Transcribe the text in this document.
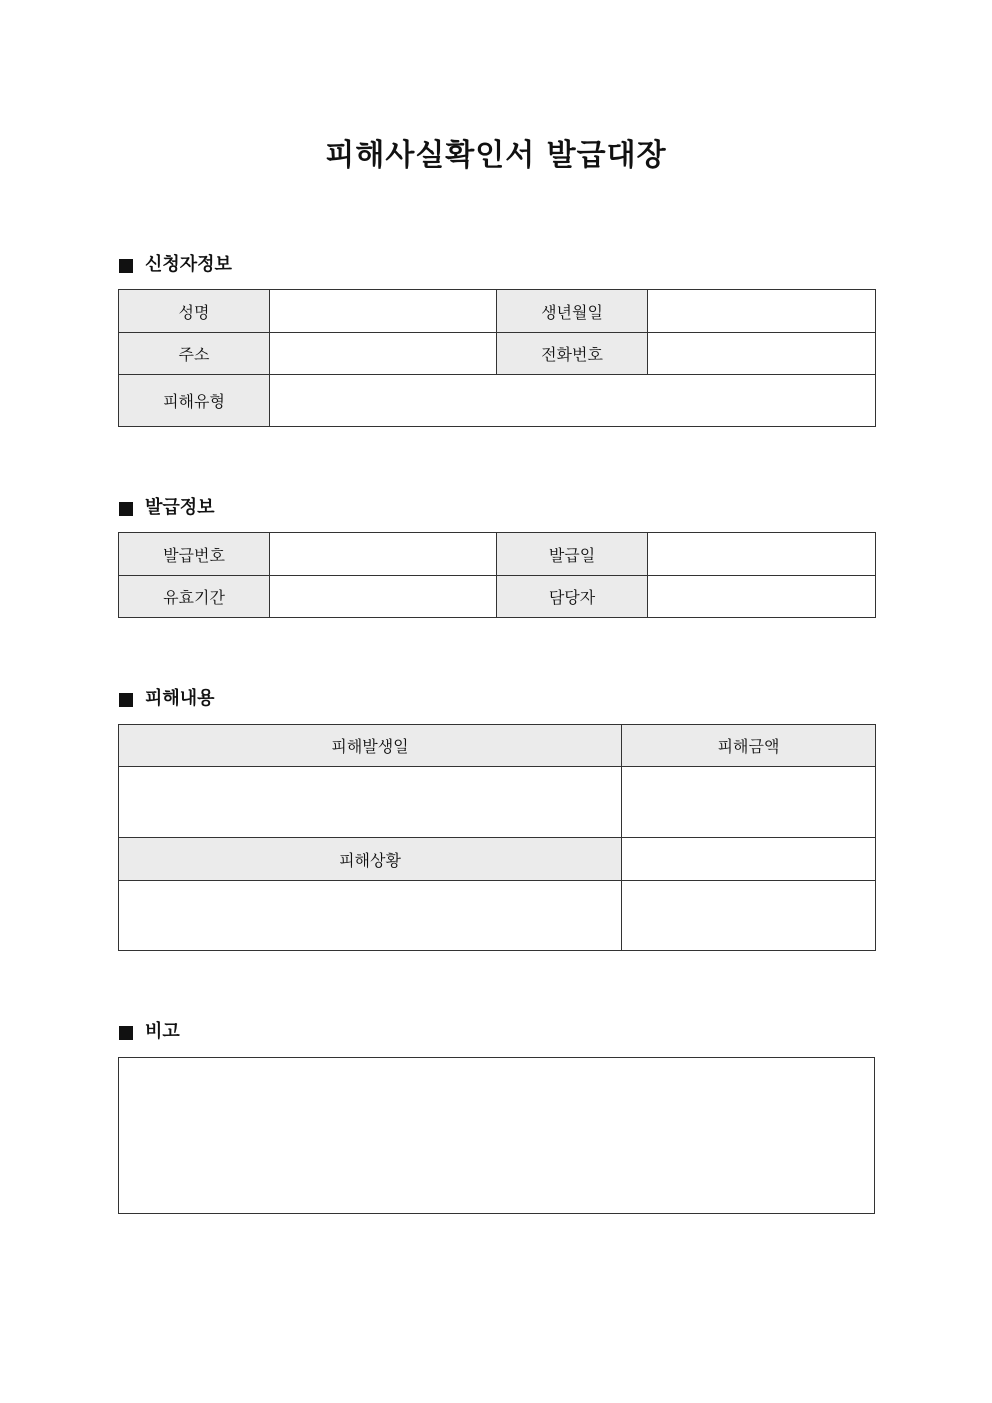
피해사실확인서 발급대장
신청자정보
성명		생년월일	
주소		전화번호	
피해유형			
발급정보
발급번호		발급일	
유효기간		담당자	
피해내용
피해발생일	피해금액

피해상황	

비고
